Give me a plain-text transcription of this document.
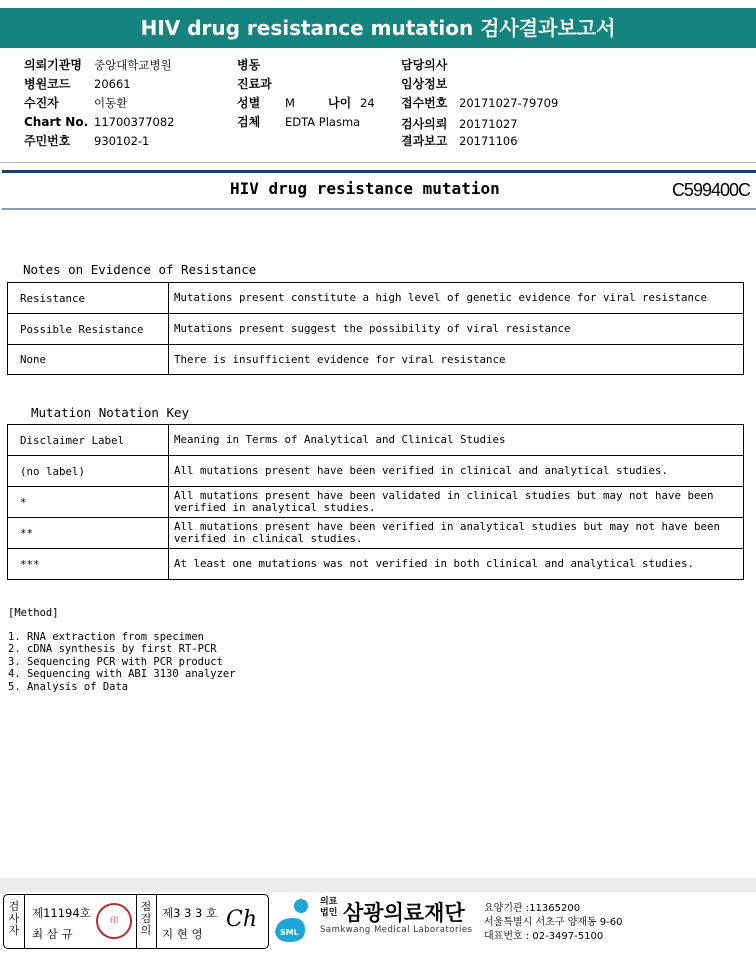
HIV drug resistance mutation 검사결과보고서
의뢰기관명 중앙대학교병원
병원코드 20661
수진자	이동환
Chart No. 11700377082
주민번호 930102-1
병동
진료과
성별 M	나이 24
검체 EDTA Plasma
담당의사
임상정보
접수번호 20171027-79709
검사의뢰 20171027
결과보고 20171106
HIV drug resistance mutation	C599400C
Notes on Evidence of Resistance
Resistance	Mutations present constitute a high level of genetic evidence for viral resistance
Possible Resistance	Mutations present suggest the possibility of viral resistance
None	There is insufficient evidence for viral resistance
Mutation Notation Key
Disclaimer Label	Meaning in Terms of Analytical and Clinical Studies
(no label)	All mutations present have been verified in clinical and analytical studies.
*	All mutations present have been validated in clinical studies but may not have been verified in analytical studies.
**	All mutations present have been verified in analytical studies but may not have been verified in clinical studies.
***	At least one mutations was not verified in both clinical and analytical studies.
[Method]
1. RNA extraction from specimen
2. cDNA synthesis by first RT-PCR
3. Sequencing PCR with PCR product
4. Sequencing with ABI 3130 analyzer
5. Analysis of Data
검사자
제11194호
최 삼 규
印
점검의
제3 3 3 호
지 현 영
Ch
SML
의료
법인 삼광의료재단
Samkwang Medical Laboratories
요양기관 :11365200
서울특별시 서초구 양재동 9-60
대표번호 : 02-3497-5100
